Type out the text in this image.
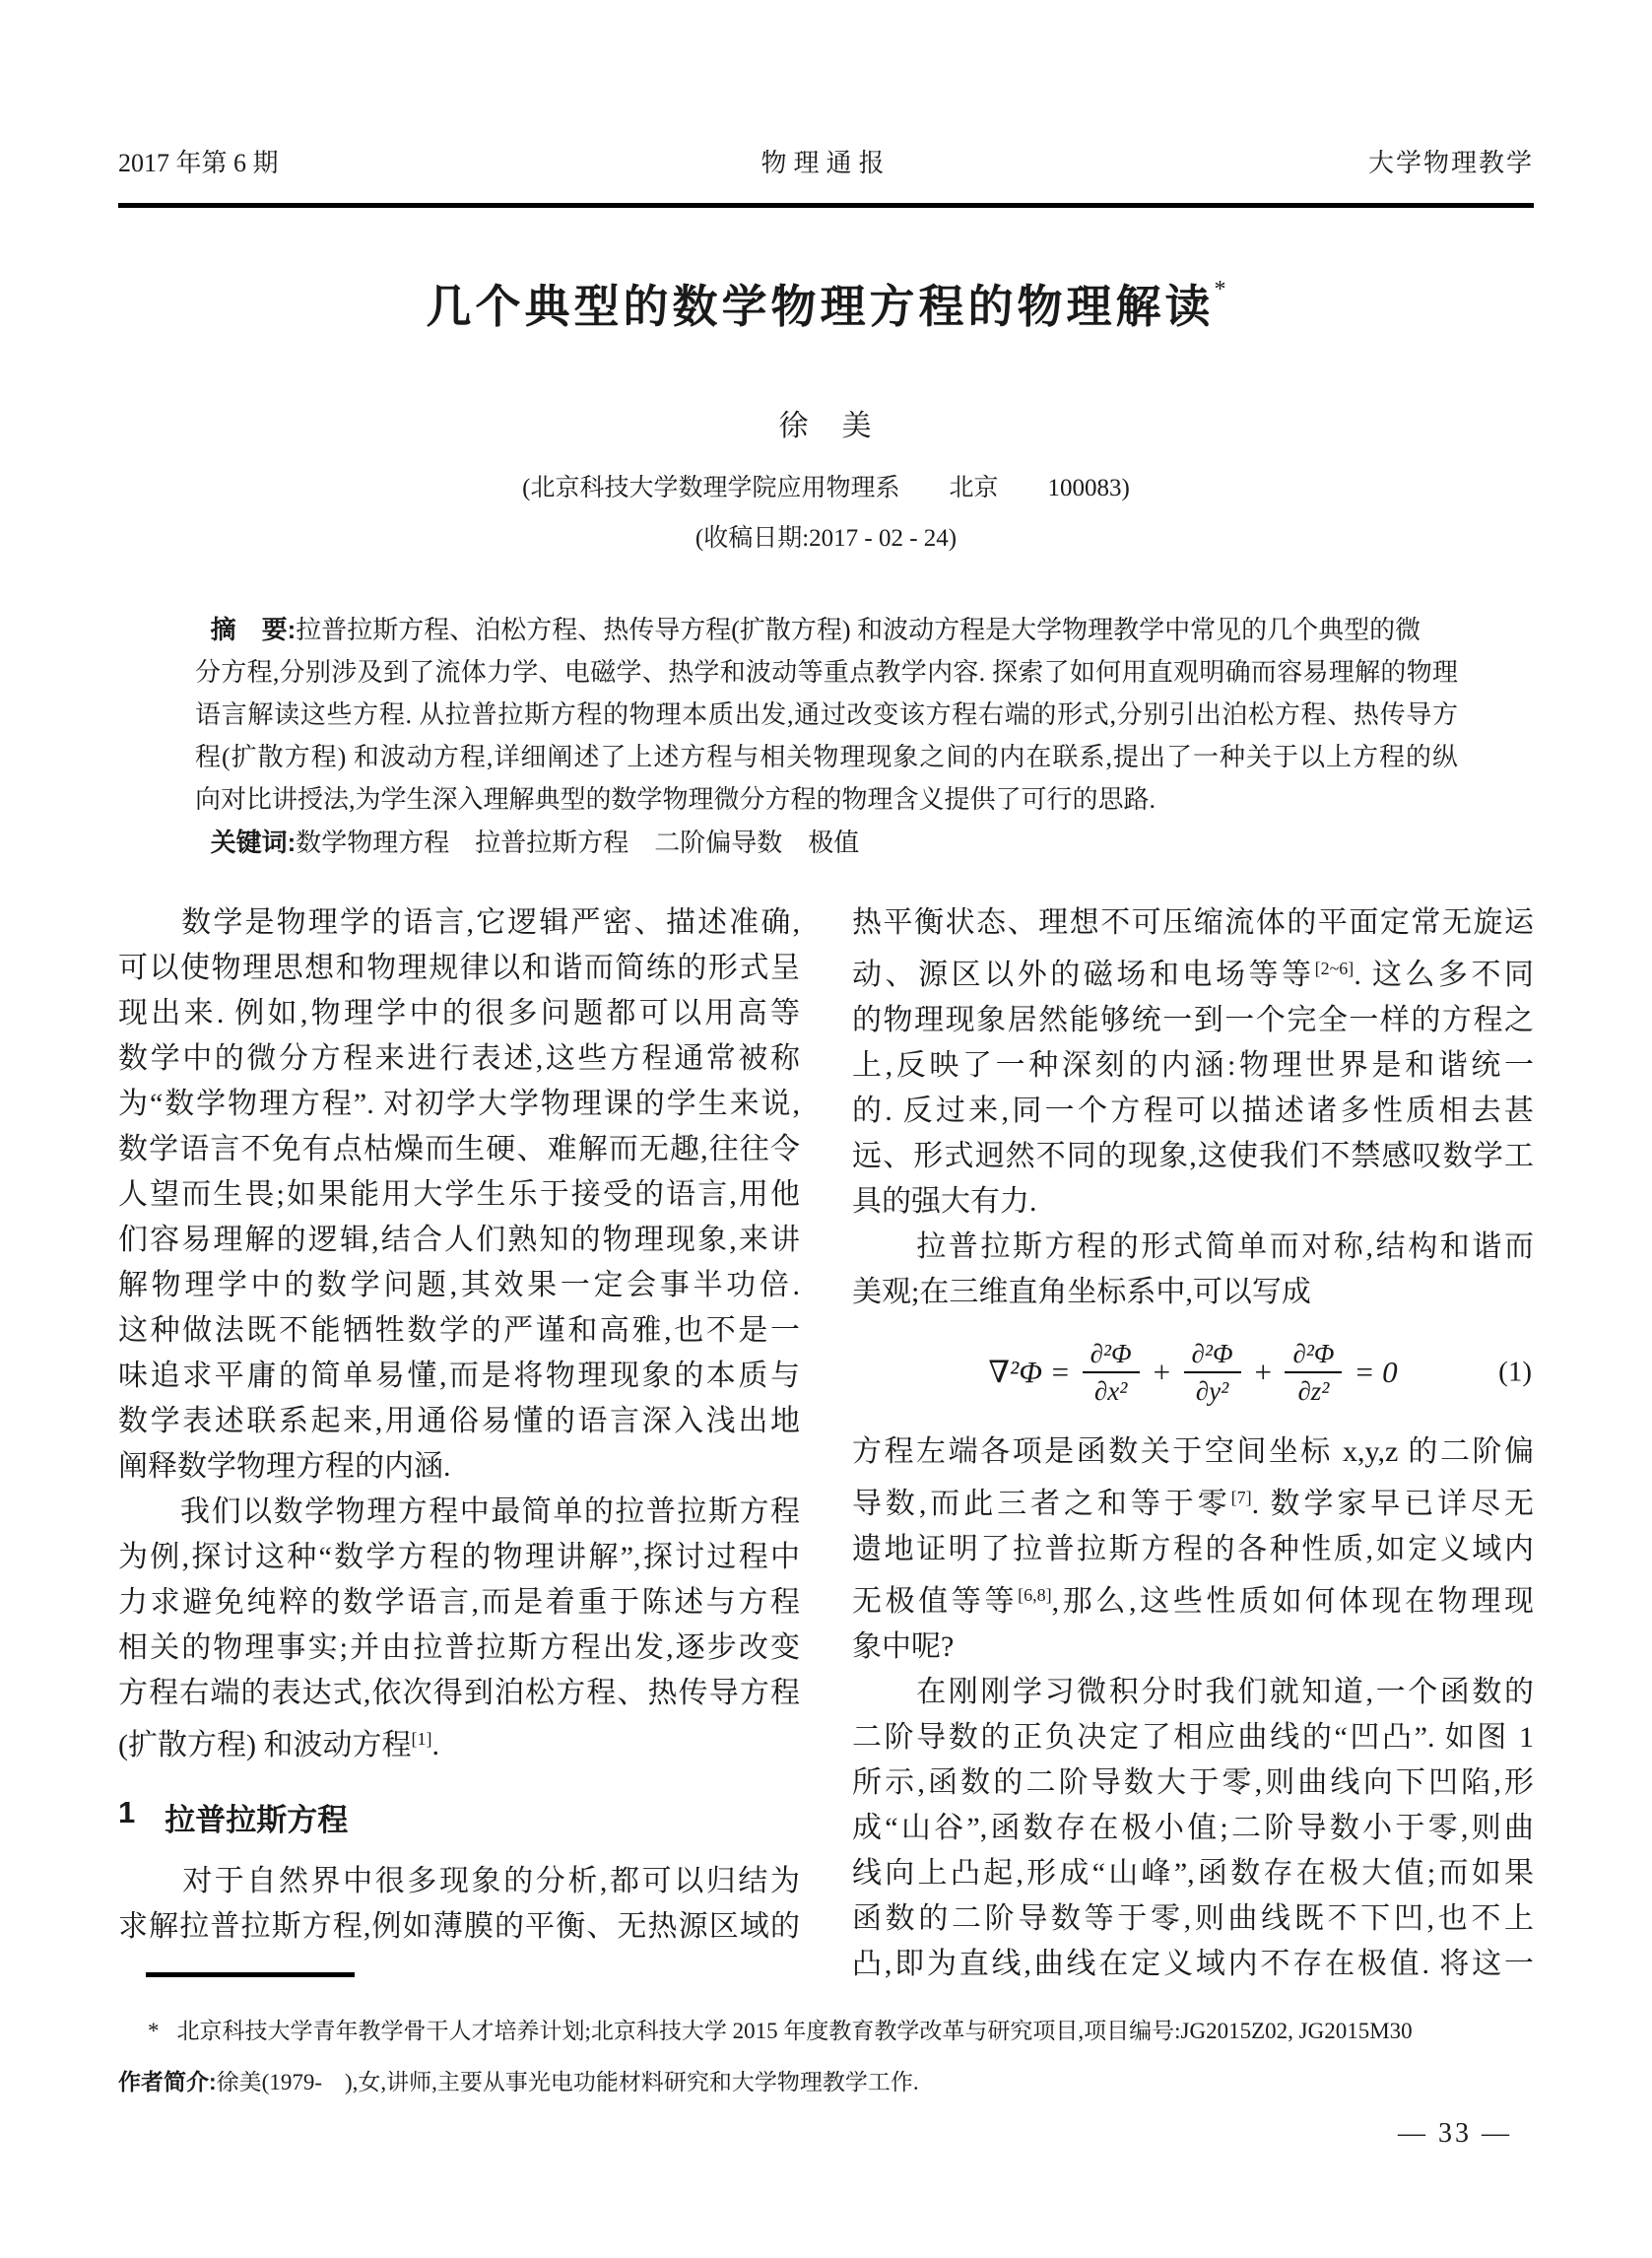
2017 年第 6 期	物理通报	大学物理教学
几个典型的数学物理方程的物理解读*
徐　美
(北京科技大学数理学院应用物理系　　北京　　100083)
(收稿日期:2017 - 02 - 24)
摘　要:拉普拉斯方程、泊松方程、热传导方程(扩散方程) 和波动方程是大学物理教学中常见的几个典型的微
分方程,分别涉及到了流体力学、电磁学、热学和波动等重点教学内容. 探索了如何用直观明确而容易理解的物理
语言解读这些方程. 从拉普拉斯方程的物理本质出发,通过改变该方程右端的形式,分别引出泊松方程、热传导方
程(扩散方程) 和波动方程,详细阐述了上述方程与相关物理现象之间的内在联系,提出了一种关于以上方程的纵
向对比讲授法,为学生深入理解典型的数学物理微分方程的物理含义提供了可行的思路.
关键词:数学物理方程　拉普拉斯方程　二阶偏导数　极值
　　数学是物理学的语言,它逻辑严密、描述准确,
可以使物理思想和物理规律以和谐而简练的形式呈
现出来. 例如,物理学中的很多问题都可以用高等
数学中的微分方程来进行表述,这些方程通常被称
为“数学物理方程”. 对初学大学物理课的学生来说,
数学语言不免有点枯燥而生硬、难解而无趣,往往令
人望而生畏;如果能用大学生乐于接受的语言,用他
们容易理解的逻辑,结合人们熟知的物理现象,来讲
解物理学中的数学问题,其效果一定会事半功倍.
这种做法既不能牺牲数学的严谨和高雅,也不是一
味追求平庸的简单易懂,而是将物理现象的本质与
数学表述联系起来,用通俗易懂的语言深入浅出地
阐释数学物理方程的内涵.
　　我们以数学物理方程中最简单的拉普拉斯方程
为例,探讨这种“数学方程的物理讲解”,探讨过程中
力求避免纯粹的数学语言,而是着重于陈述与方程
相关的物理事实;并由拉普拉斯方程出发,逐步改变
方程右端的表达式,依次得到泊松方程、热传导方程
(扩散方程) 和波动方程[1].
1 拉普拉斯方程
　　对于自然界中很多现象的分析,都可以归结为
求解拉普拉斯方程,例如薄膜的平衡、无热源区域的
热平衡状态、理想不可压缩流体的平面定常无旋运
动、源区以外的磁场和电场等等[2~6]. 这么多不同
的物理现象居然能够统一到一个完全一样的方程之
上,反映了一种深刻的内涵:物理世界是和谐统一
的. 反过来,同一个方程可以描述诸多性质相去甚
远、形式迥然不同的现象,这使我们不禁感叹数学工
具的强大有力.
　　拉普拉斯方程的形式简单而对称,结构和谐而
美观;在三维直角坐标系中,可以写成
$\nabla^2\Phi = \frac{\text{∂²Φ}}{\text{∂x²}} + \frac{\text{∂²Φ}}{\text{∂y²}} + \frac{\text{∂²Φ}}{\text{∂z²}} = 0$	(1)
方程左端各项是函数关于空间坐标 x,y,z 的二阶偏
导数,而此三者之和等于零[7]. 数学家早已详尽无
遗地证明了拉普拉斯方程的各种性质,如定义域内
无极值等等[6,8],那么,这些性质如何体现在物理现
象中呢?
　　在刚刚学习微积分时我们就知道,一个函数的
二阶导数的正负决定了相应曲线的“凹凸”. 如图 1
所示,函数的二阶导数大于零,则曲线向下凹陷,形
成“山谷”,函数存在极小值;二阶导数小于零,则曲
线向上凸起,形成“山峰”,函数存在极大值;而如果
函数的二阶导数等于零,则曲线既不下凹,也不上
凸,即为直线,曲线在定义域内不存在极值. 将这一
* 北京科技大学青年教学骨干人才培养计划;北京科技大学 2015 年度教育教学改革与研究项目,项目编号:JG2015Z02, JG2015M30
作者简介:徐美(1979-　),女,讲师,主要从事光电功能材料研究和大学物理教学工作.
— 33 —
